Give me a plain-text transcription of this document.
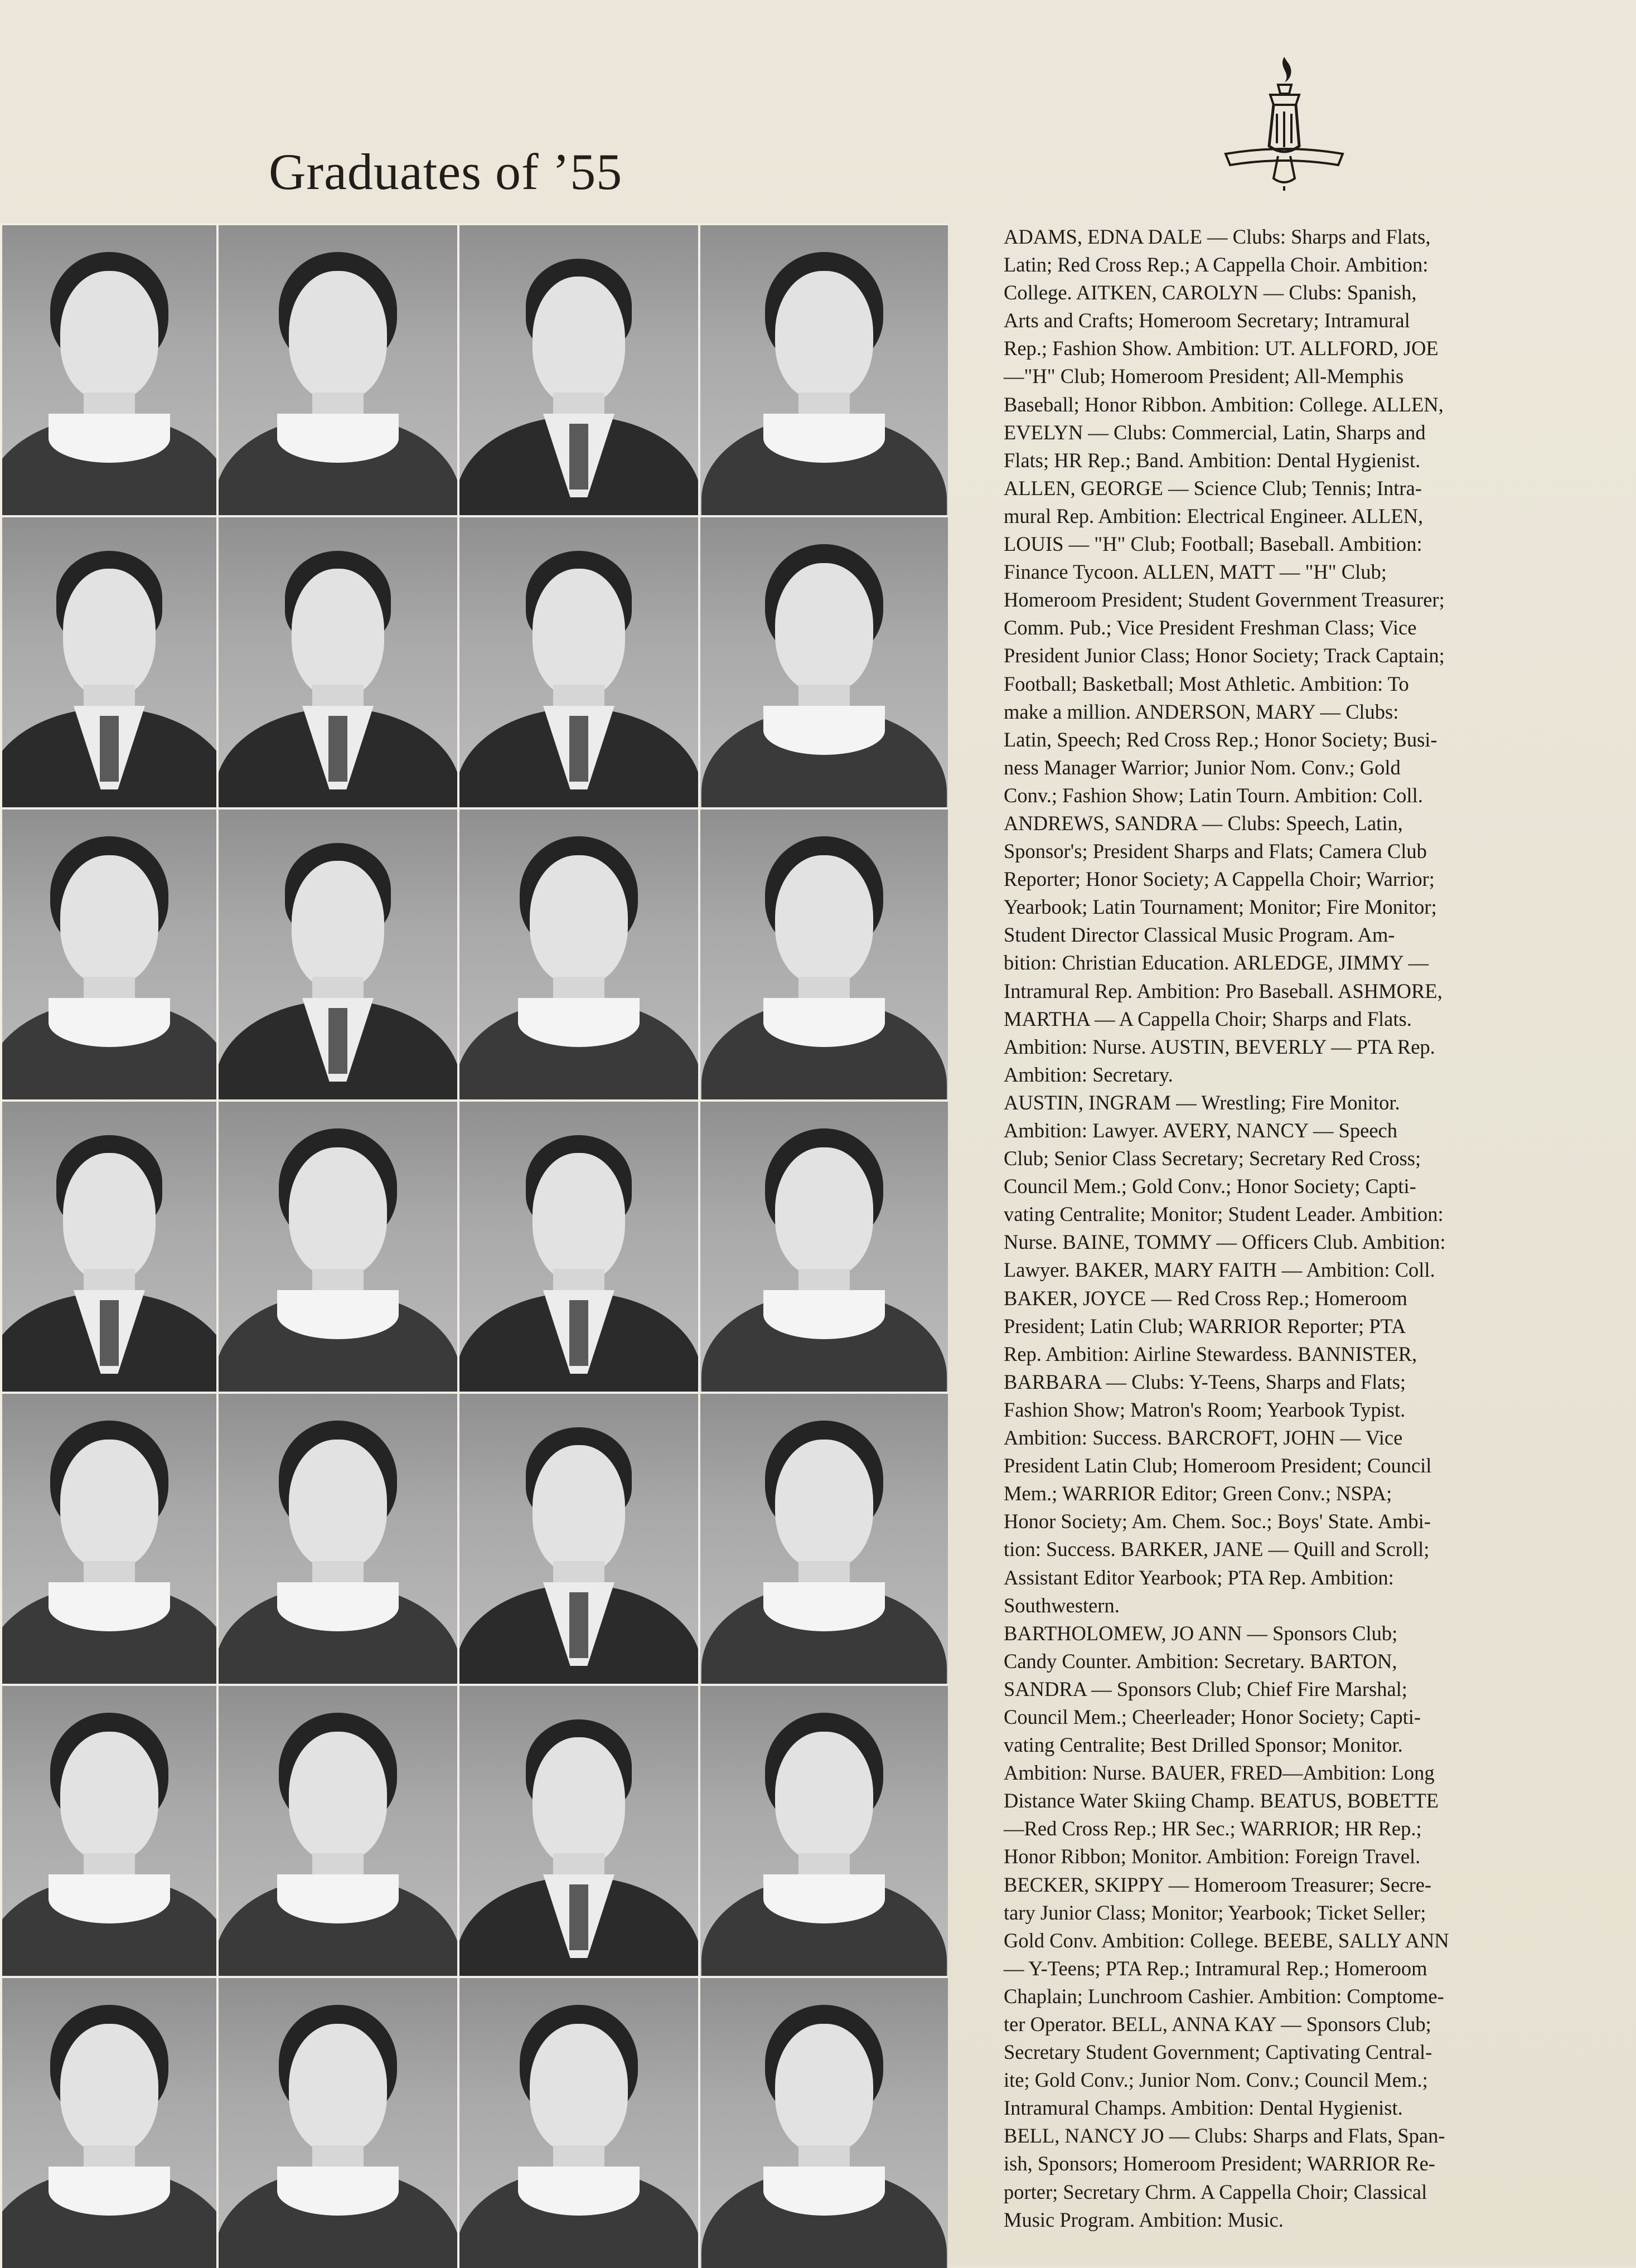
Graduates of ’55
ADAMS, EDNA DALE — Clubs: Sharps and Flats,
Latin; Red Cross Rep.; A Cappella Choir. Ambition:
College. AITKEN, CAROLYN — Clubs: Spanish,
Arts and Crafts; Homeroom Secretary; Intramural
Rep.; Fashion Show. Ambition: UT. ALLFORD, JOE
—"H" Club; Homeroom President; All-Memphis
Baseball; Honor Ribbon. Ambition: College. ALLEN,
EVELYN — Clubs: Commercial, Latin, Sharps and
Flats; HR Rep.; Band. Ambition: Dental Hygienist.
ALLEN, GEORGE — Science Club; Tennis; Intra-
mural Rep. Ambition: Electrical Engineer. ALLEN,
LOUIS — "H" Club; Football; Baseball. Ambition:
Finance Tycoon. ALLEN, MATT — "H" Club;
Homeroom President; Student Government Treasurer;
Comm. Pub.; Vice President Freshman Class; Vice
President Junior Class; Honor Society; Track Captain;
Football; Basketball; Most Athletic. Ambition: To
make a million. ANDERSON, MARY — Clubs:
Latin, Speech; Red Cross Rep.; Honor Society; Busi-
ness Manager Warrior; Junior Nom. Conv.; Gold
Conv.; Fashion Show; Latin Tourn. Ambition: Coll.
ANDREWS, SANDRA — Clubs: Speech, Latin,
Sponsor's; President Sharps and Flats; Camera Club
Reporter; Honor Society; A Cappella Choir; Warrior;
Yearbook; Latin Tournament; Monitor; Fire Monitor;
Student Director Classical Music Program. Am-
bition: Christian Education. ARLEDGE, JIMMY —
Intramural Rep. Ambition: Pro Baseball. ASHMORE,
MARTHA — A Cappella Choir; Sharps and Flats.
Ambition: Nurse. AUSTIN, BEVERLY — PTA Rep.
Ambition: Secretary.
AUSTIN, INGRAM — Wrestling; Fire Monitor.
Ambition: Lawyer. AVERY, NANCY — Speech
Club; Senior Class Secretary; Secretary Red Cross;
Council Mem.; Gold Conv.; Honor Society; Capti-
vating Centralite; Monitor; Student Leader. Ambition:
Nurse. BAINE, TOMMY — Officers Club. Ambition:
Lawyer. BAKER, MARY FAITH — Ambition: Coll.
BAKER, JOYCE — Red Cross Rep.; Homeroom
President; Latin Club; WARRIOR Reporter; PTA
Rep. Ambition: Airline Stewardess. BANNISTER,
BARBARA — Clubs: Y-Teens, Sharps and Flats;
Fashion Show; Matron's Room; Yearbook Typist.
Ambition: Success. BARCROFT, JOHN — Vice
President Latin Club; Homeroom President; Council
Mem.; WARRIOR Editor; Green Conv.; NSPA;
Honor Society; Am. Chem. Soc.; Boys' State. Ambi-
tion: Success. BARKER, JANE — Quill and Scroll;
Assistant Editor Yearbook; PTA Rep. Ambition:
Southwestern.
BARTHOLOMEW, JO ANN — Sponsors Club;
Candy Counter. Ambition: Secretary. BARTON,
SANDRA — Sponsors Club; Chief Fire Marshal;
Council Mem.; Cheerleader; Honor Society; Capti-
vating Centralite; Best Drilled Sponsor; Monitor.
Ambition: Nurse. BAUER, FRED—Ambition: Long
Distance Water Skiing Champ. BEATUS, BOBETTE
—Red Cross Rep.; HR Sec.; WARRIOR; HR Rep.;
Honor Ribbon; Monitor. Ambition: Foreign Travel.
BECKER, SKIPPY — Homeroom Treasurer; Secre-
tary Junior Class; Monitor; Yearbook; Ticket Seller;
Gold Conv. Ambition: College. BEEBE, SALLY ANN
— Y-Teens; PTA Rep.; Intramural Rep.; Homeroom
Chaplain; Lunchroom Cashier. Ambition: Comptome-
ter Operator. BELL, ANNA KAY — Sponsors Club;
Secretary Student Government; Captivating Central-
ite; Gold Conv.; Junior Nom. Conv.; Council Mem.;
Intramural Champs. Ambition: Dental Hygienist.
BELL, NANCY JO — Clubs: Sharps and Flats, Span-
ish, Sponsors; Homeroom President; WARRIOR Re-
porter; Secretary Chrm. A Cappella Choir; Classical
Music Program. Ambition: Music.
